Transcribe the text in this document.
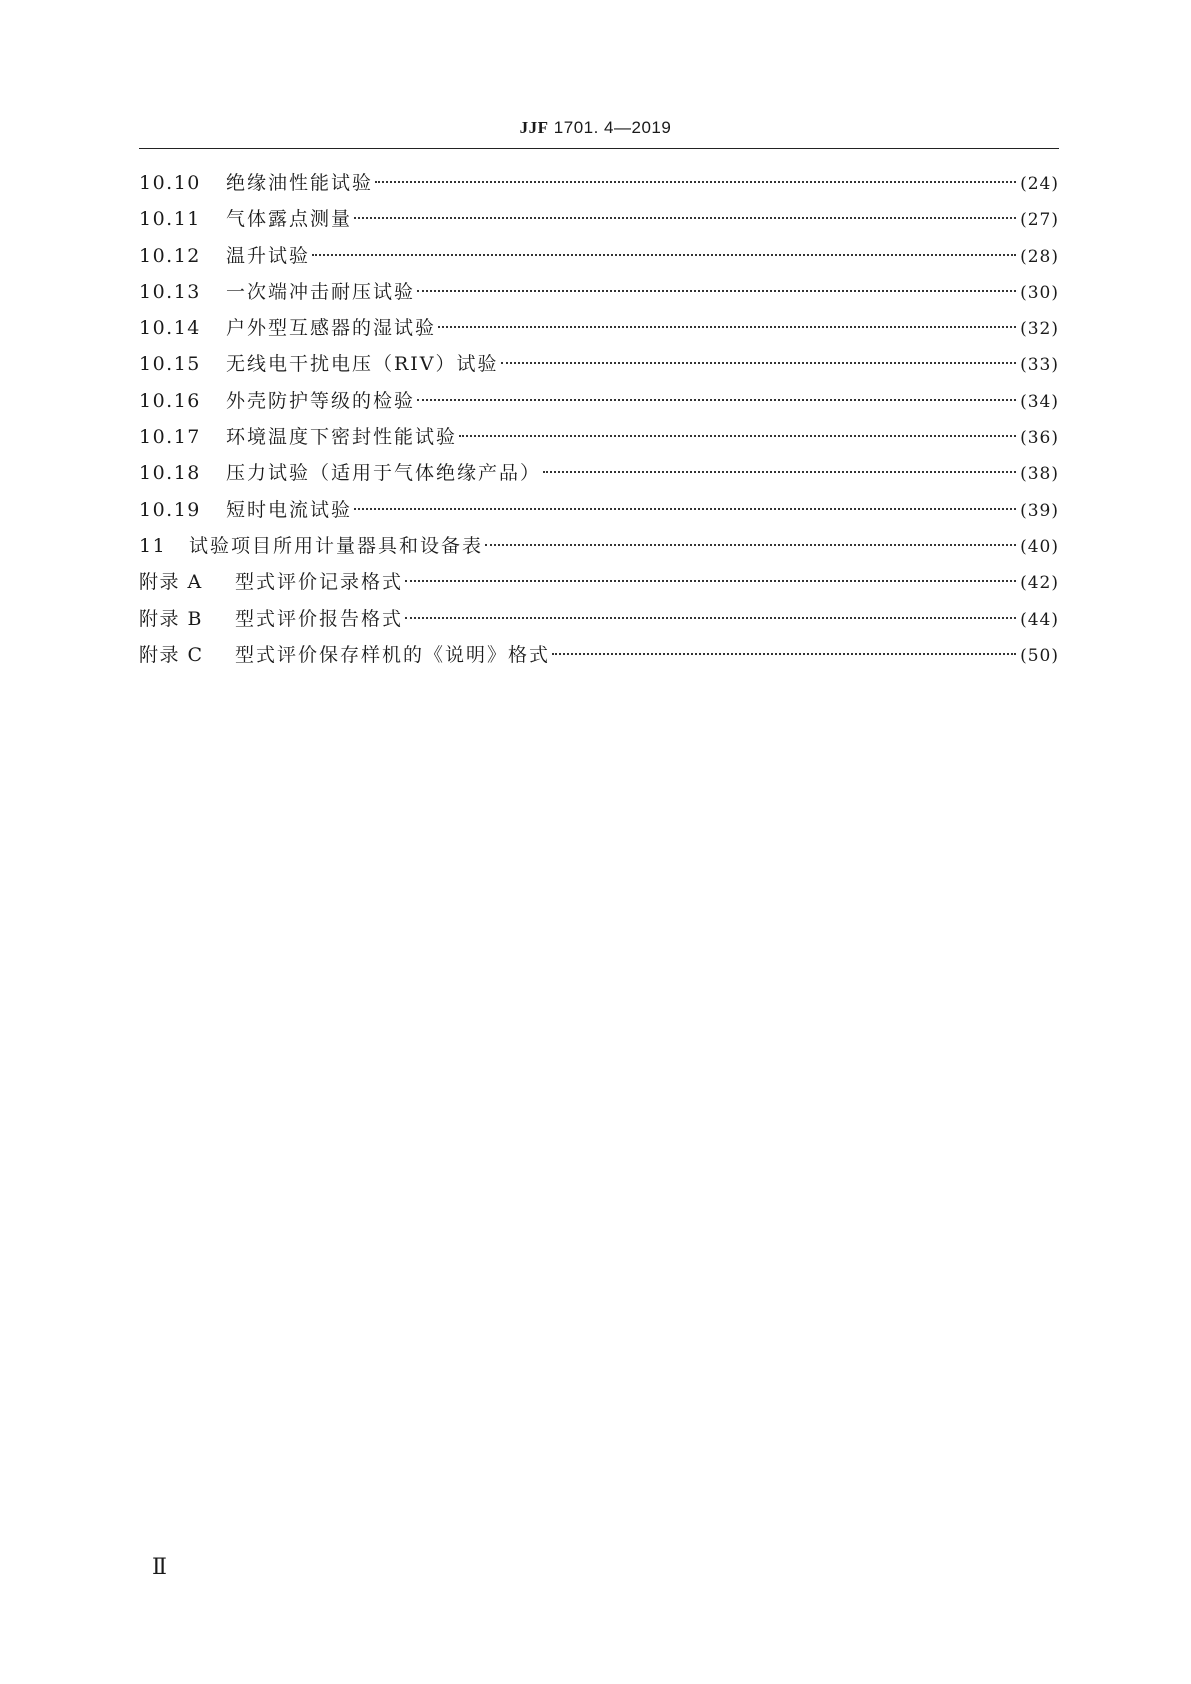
JJF 1701. 4—2019
10.10	绝缘油性能试验	(24)
10.11	气体露点测量	(27)
10.12	温升试验	(28)
10.13	一次端冲击耐压试验	(30)
10.14	户外型互感器的湿试验	(32)
10.15	无线电干扰电压（RIV）试验	(33)
10.16	外壳防护等级的检验	(34)
10.17	环境温度下密封性能试验	(36)
10.18	压力试验（适用于气体绝缘产品）	(38)
10.19	短时电流试验	(39)
11	试验项目所用计量器具和设备表	(40)
附录 A	型式评价记录格式	(42)
附录 B	型式评价报告格式	(44)
附录 C	型式评价保存样机的《说明》格式	(50)
Ⅱ
